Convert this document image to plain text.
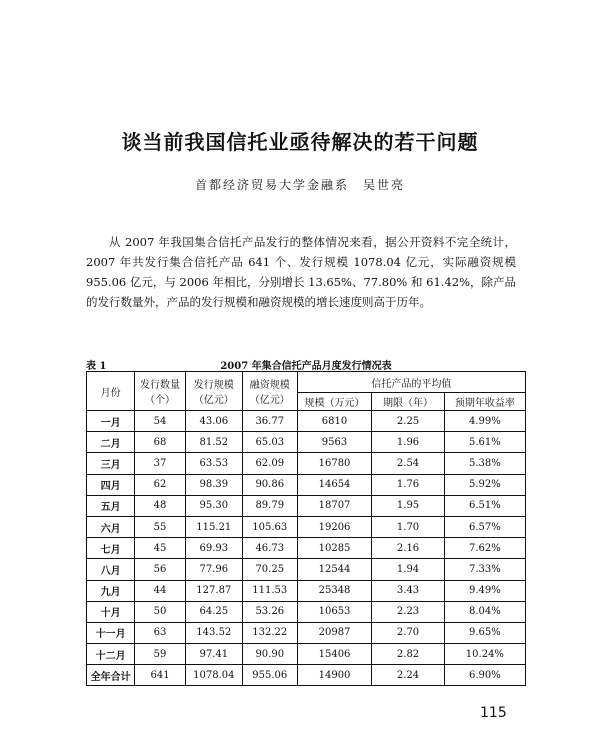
谈当前我国信托业亟待解决的若干问题
首都经济贸易大学金融系　吴世亮

从 2007 年我国集合信托产品发行的整体情况来看，据公开资料不完全统计，2007 年共发行集合信托产品 641 个、发行规模 1078.04 亿元，实际融资规模 955.06 亿元，与 2006 年相比，分别增长 13.65%、77.80% 和 61.42%，除产品的发行数量外，产品的发行规模和融资规模的增长速度则高于历年。

表 1	2007 年集合信托产品月度发行情况表
月份	发行数量（个）	发行规模（亿元）	融资规模（亿元）	信托产品的平均值		
				规模（万元）	期限（年）	预期年收益率
一月	54	43.06	36.77	6810	2.25	4.99%
二月	68	81.52	65.03	9563	1.96	5.61%
三月	37	63.53	62.09	16780	2.54	5.38%
四月	62	98.39	90.86	14654	1.76	5.92%
五月	48	95.30	89.79	18707	1.95	6.51%
六月	55	115.21	105.63	19206	1.70	6.57%
七月	45	69.93	46.73	10285	2.16	7.62%
八月	56	77.96	70.25	12544	1.94	7.33%
九月	44	127.87	111.53	25348	3.43	9.49%
十月	50	64.25	53.26	10653	2.23	8.04%
十一月	63	143.52	132.22	20987	2.70	9.65%
十二月	59	97.41	90.90	15406	2.82	10.24%
全年合计	641	1078.04	955.06	14900	2.24	6.90%
115
